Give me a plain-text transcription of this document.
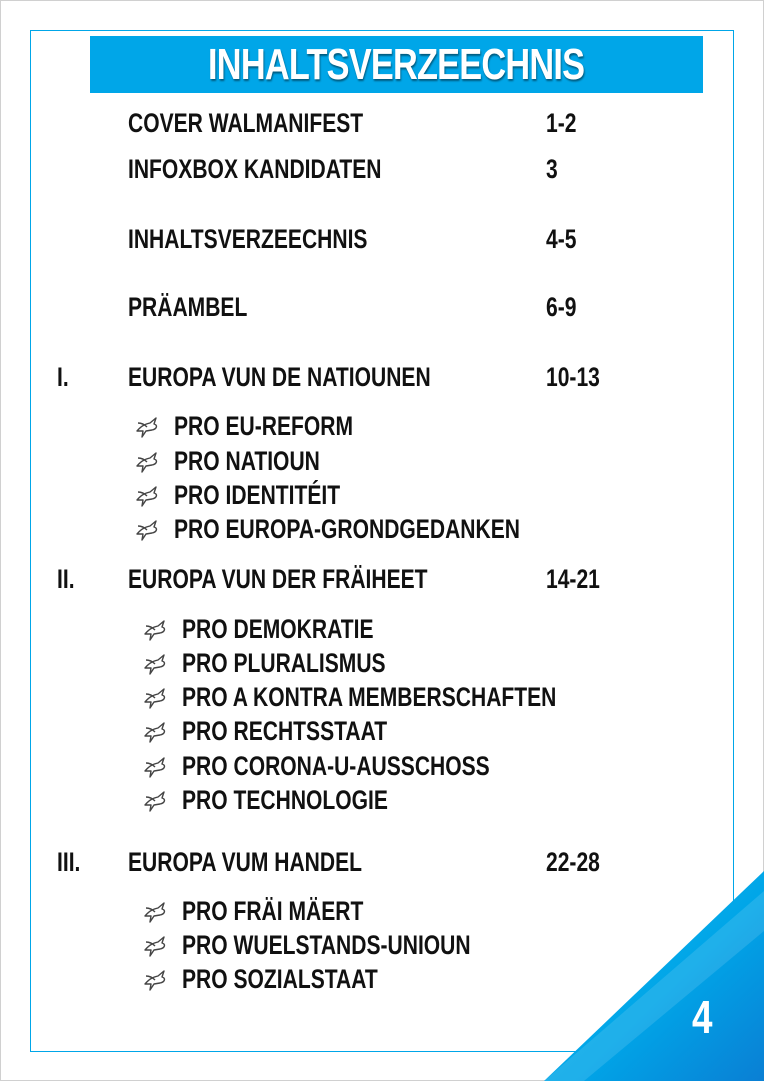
INHALTSVERZEECHNIS
COVER WALMANIFEST	1-2
INFOXBOX KANDIDATEN	3
INHALTSVERZEECHNIS	4-5
PRÄAMBEL	6-9
I. EUROPA VUN DE NATIOUNEN	10-13
PRO EU-REFORM
PRO NATIOUN
PRO IDENTITÉIT
PRO EUROPA-GRONDGEDANKEN
II. EUROPA VUN DER FRÄIHEET	14-21
PRO DEMOKRATIE
PRO PLURALISMUS
PRO A KONTRA MEMBERSCHAFTEN
PRO RECHTSSTAAT
PRO CORONA-U-AUSSCHOSS
PRO TECHNOLOGIE
III. EUROPA VUM HANDEL	22-28
PRO FRÄI MÄERT
PRO WUELSTANDS-UNIOUN
PRO SOZIALSTAAT
4
